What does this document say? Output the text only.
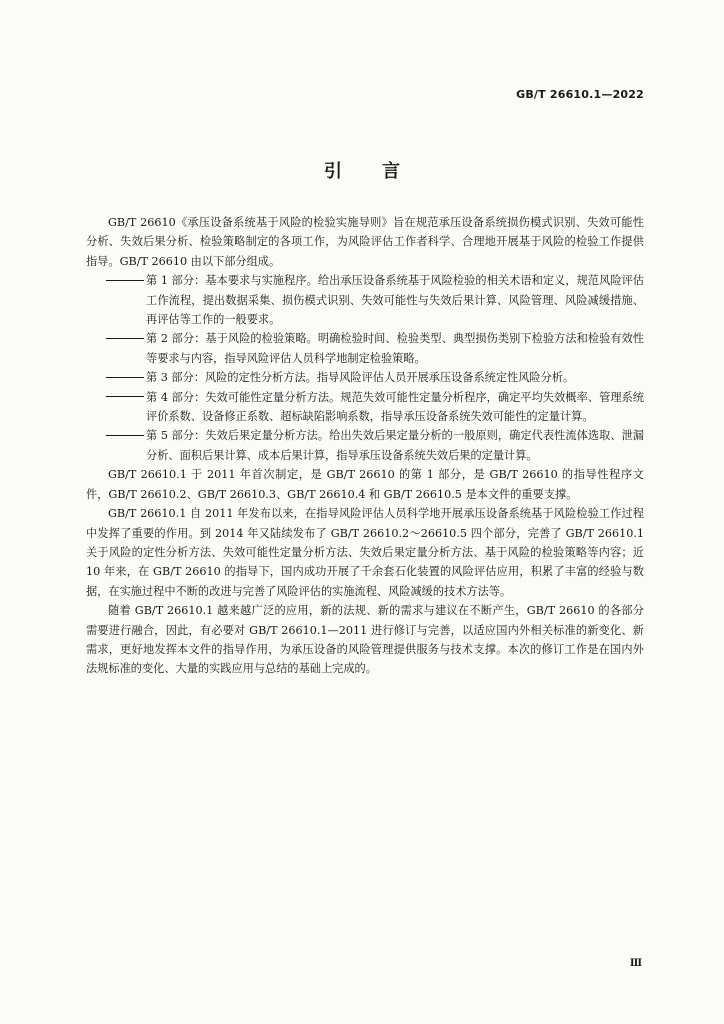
GB/T 26610.1—2022
引 言

GB/T 26610《承压设备系统基于风险的检验实施导则》旨在规范承压设备系统损伤模式识别、失效可能性分析、失效后果分析、检验策略制定的各项工作，为风险评估工作者科学、合理地开展基于风险的检验工作提供指导。GB/T 26610 由以下部分组成。

第 1 部分：基本要求与实施程序。给出承压设备系统基于风险检验的相关术语和定义，规范风险评估工作流程，提出数据采集、损伤模式识别、失效可能性与失效后果计算、风险管理、风险减缓措施、再评估等工作的一般要求。

第 2 部分：基于风险的检验策略。明确检验时间、检验类型、典型损伤类别下检验方法和检验有效性等要求与内容，指导风险评估人员科学地制定检验策略。

第 3 部分：风险的定性分析方法。指导风险评估人员开展承压设备系统定性风险分析。

第 4 部分：失效可能性定量分析方法。规范失效可能性定量分析程序，确定平均失效概率、管理系统评价系数、设备修正系数、超标缺陷影响系数，指导承压设备系统失效可能性的定量计算。

第 5 部分：失效后果定量分析方法。给出失效后果定量分析的一般原则，确定代表性流体选取、泄漏分析、面积后果计算、成本后果计算，指导承压设备系统失效后果的定量计算。

GB/T 26610.1 于 2011 年首次制定，是 GB/T 26610 的第 1 部分，是 GB/T 26610 的指导性程序文件，GB/T 26610.2、GB/T 26610.3、GB/T 26610.4 和 GB/T 26610.5 是本文件的重要支撑。

GB/T 26610.1 自 2011 年发布以来，在指导风险评估人员科学地开展承压设备系统基于风险检验工作过程中发挥了重要的作用。到 2014 年又陆续发布了 GB/T 26610.2～26610.5 四个部分，完善了 GB/T 26610.1 关于风险的定性分析方法、失效可能性定量分析方法、失效后果定量分析方法、基于风险的检验策略等内容；近 10 年来，在 GB/T 26610 的指导下，国内成功开展了千余套石化装置的风险评估应用，积累了丰富的经验与数据，在实施过程中不断的改进与完善了风险评估的实施流程、风险减缓的技术方法等。

随着 GB/T 26610.1 越来越广泛的应用，新的法规、新的需求与建议在不断产生，GB/T 26610 的各部分需要进行融合，因此，有必要对 GB/T 26610.1—2011 进行修订与完善，以适应国内外相关标准的新变化、新需求，更好地发挥本文件的指导作用，为承压设备的风险管理提供服务与技术支撑。本次的修订工作是在国内外法规标准的变化、大量的实践应用与总结的基础上完成的。

Ⅲ
